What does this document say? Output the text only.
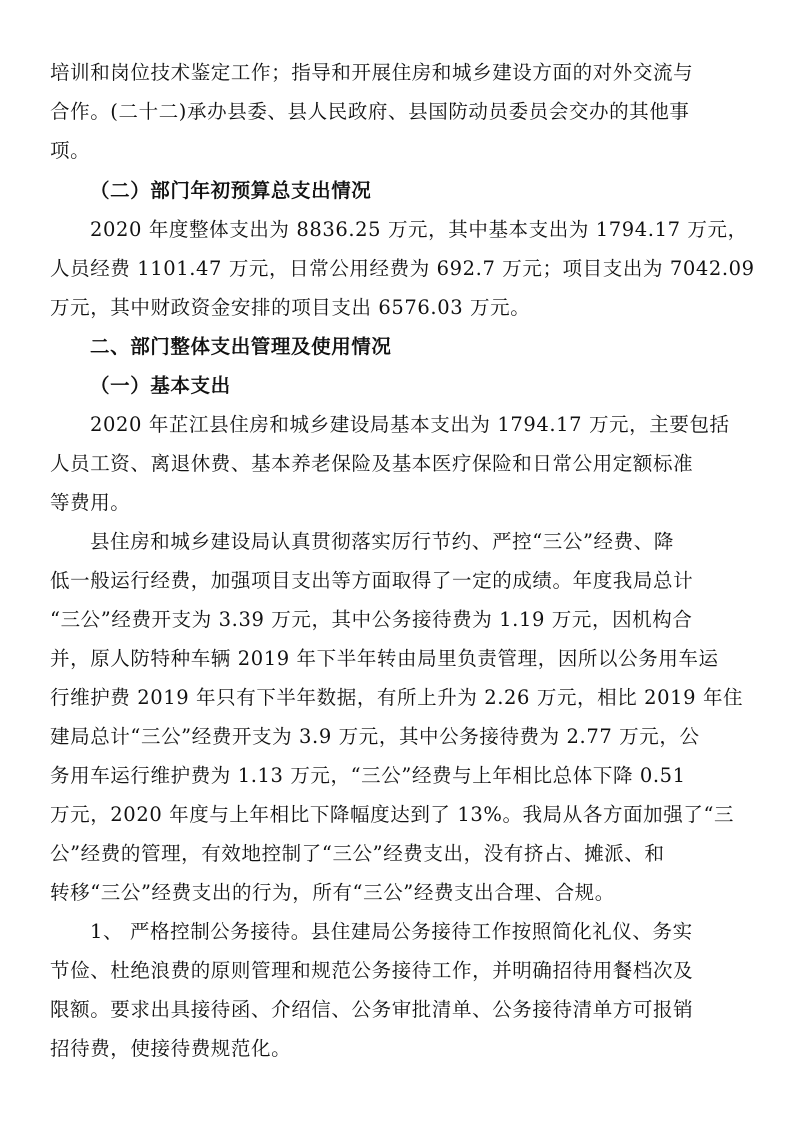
培训和岗位技术鉴定工作；指导和开展住房和城乡建设方面的对外交流与
合作。(二十二)承办县委、县人民政府、县国防动员委员会交办的其他事
项。
（二）部门年初预算总支出情况
2020 年度整体支出为 8836.25 万元，其中基本支出为 1794.17 万元，
人员经费 1101.47 万元，日常公用经费为 692.7 万元；项目支出为 7042.09
万元，其中财政资金安排的项目支出 6576.03 万元。
二、部门整体支出管理及使用情况
（一）基本支出
2020 年芷江县住房和城乡建设局基本支出为 1794.17 万元，主要包括
人员工资、离退休费、基本养老保险及基本医疗保险和日常公用定额标准
等费用。
县住房和城乡建设局认真贯彻落实厉行节约、严控“三公”经费、降
低一般运行经费，加强项目支出等方面取得了一定的成绩。年度我局总计
“三公”经费开支为 3.39 万元，其中公务接待费为 1.19 万元，因机构合
并，原人防特种车辆 2019 年下半年转由局里负责管理，因所以公务用车运
行维护费 2019 年只有下半年数据，有所上升为 2.26 万元，相比 2019 年住
建局总计“三公”经费开支为 3.9 万元，其中公务接待费为 2.77 万元，公
务用车运行维护费为 1.13 万元，“三公”经费与上年相比总体下降 0.51
万元，2020 年度与上年相比下降幅度达到了 13%。我局从各方面加强了“三
公”经费的管理，有效地控制了“三公”经费支出，没有挤占、摊派、和
转移“三公”经费支出的行为，所有“三公”经费支出合理、合规。
1、 严格控制公务接待。县住建局公务接待工作按照简化礼仪、务实
节俭、杜绝浪费的原则管理和规范公务接待工作，并明确招待用餐档次及
限额。要求出具接待函、介绍信、公务审批清单、公务接待清单方可报销
招待费，使接待费规范化。
